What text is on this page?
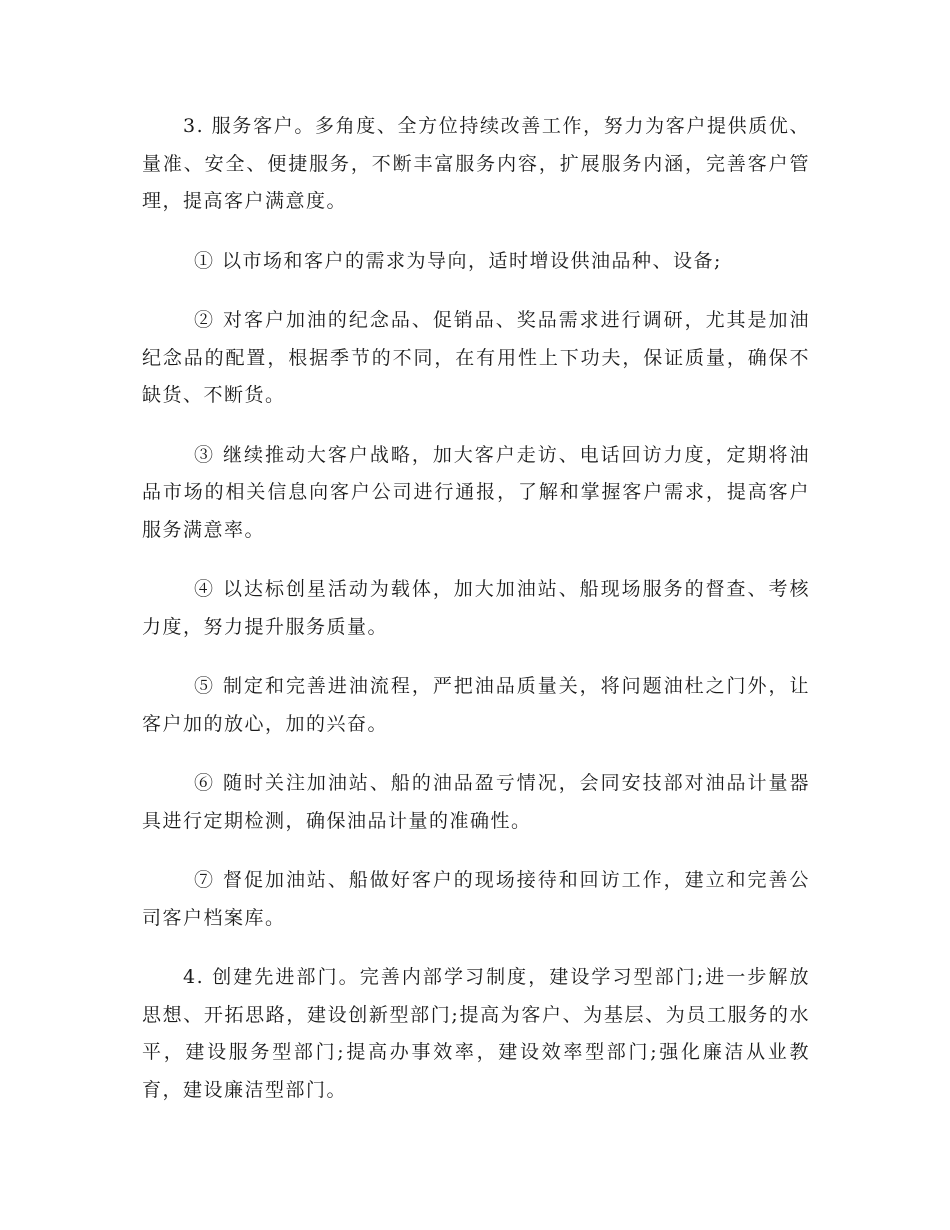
3. 服务客户。多角度、全方位持续改善工作，努力为客户提供质优、量准、安全、便捷服务，不断丰富服务内容，扩展服务内涵，完善客户管理，提高客户满意度。

① 以市场和客户的需求为导向，适时增设供油品种、设备;

② 对客户加油的纪念品、促销品、奖品需求进行调研，尤其是加油纪念品的配置，根据季节的不同，在有用性上下功夫，保证质量，确保不缺货、不断货。

③ 继续推动大客户战略，加大客户走访、电话回访力度，定期将油品市场的相关信息向客户公司进行通报，了解和掌握客户需求，提高客户服务满意率。

④ 以达标创星活动为载体，加大加油站、船现场服务的督查、考核力度，努力提升服务质量。

⑤ 制定和完善进油流程，严把油品质量关，将问题油杜之门外，让客户加的放心，加的兴奋。

⑥ 随时关注加油站、船的油品盈亏情况，会同安技部对油品计量器具进行定期检测，确保油品计量的准确性。

⑦ 督促加油站、船做好客户的现场接待和回访工作，建立和完善公司客户档案库。

4. 创建先进部门。完善内部学习制度，建设学习型部门;进一步解放思想、开拓思路，建设创新型部门;提高为客户、为基层、为员工服务的水平，建设服务型部门;提高办事效率，建设效率型部门;强化廉洁从业教育，建设廉洁型部门。
